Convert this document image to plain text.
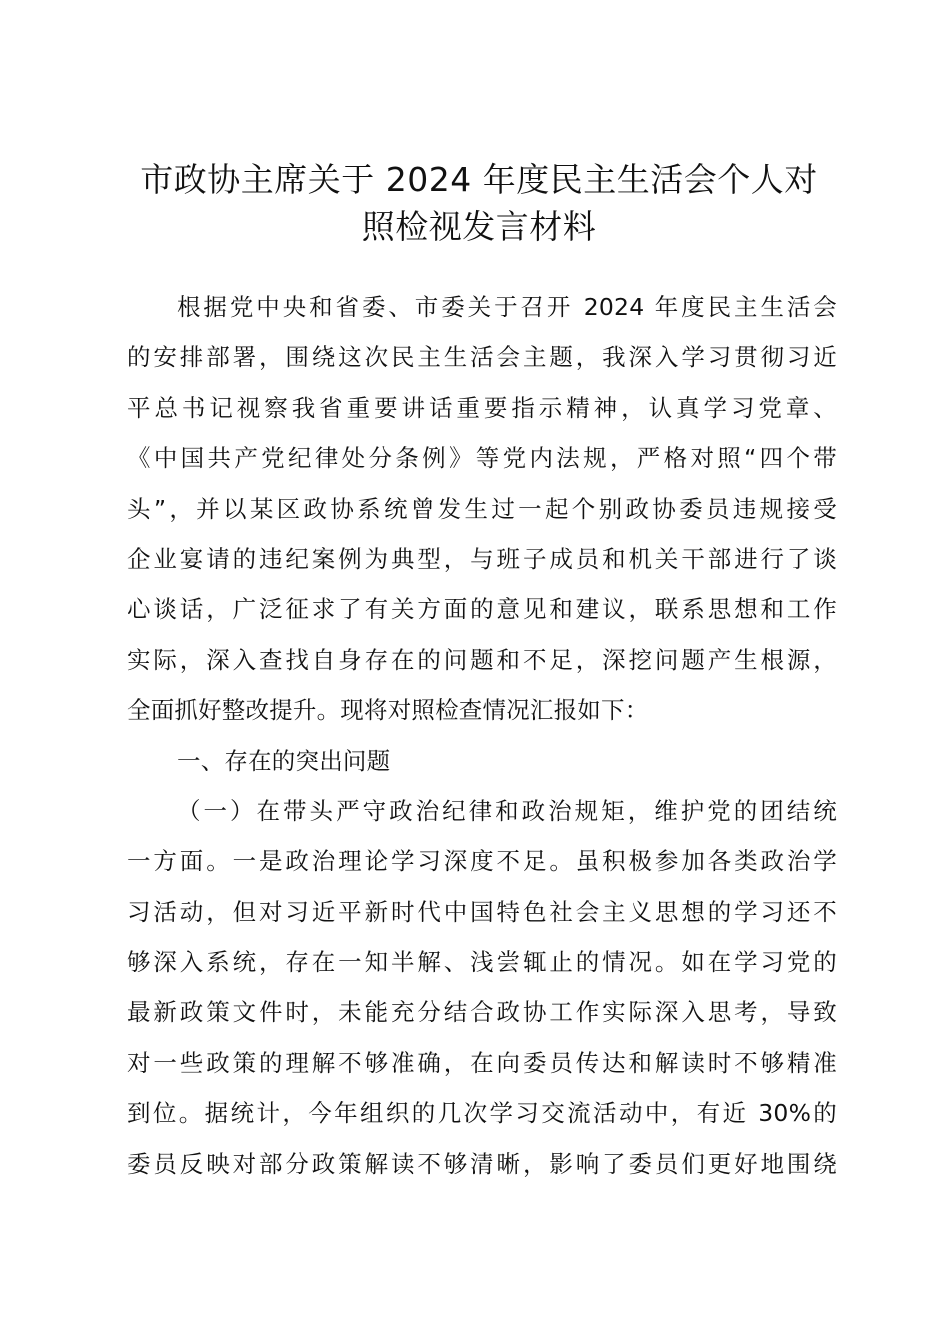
市政协主席关于 2024 年度民主生活会个人对
照检视发言材料
根据党中央和省委、市委关于召开 2024 年度民主生活会
的安排部署，围绕这次民主生活会主题，我深入学习贯彻习近
平总书记视察我省重要讲话重要指示精神，认真学习党章、
《中国共产党纪律处分条例》等党内法规，严格对照“四个带
头”，并以某区政协系统曾发生过一起个别政协委员违规接受
企业宴请的违纪案例为典型，与班子成员和机关干部进行了谈
心谈话，广泛征求了有关方面的意见和建议，联系思想和工作
实际，深入查找自身存在的问题和不足，深挖问题产生根源，
全面抓好整改提升。现将对照检查情况汇报如下：
一、存在的突出问题
（一）在带头严守政治纪律和政治规矩，维护党的团结统
一方面。一是政治理论学习深度不足。虽积极参加各类政治学
习活动，但对习近平新时代中国特色社会主义思想的学习还不
够深入系统，存在一知半解、浅尝辄止的情况。如在学习党的
最新政策文件时，未能充分结合政协工作实际深入思考，导致
对一些政策的理解不够准确，在向委员传达和解读时不够精准
到位。据统计，今年组织的几次学习交流活动中，有近 30%的
委员反映对部分政策解读不够清晰，影响了委员们更好地围绕
